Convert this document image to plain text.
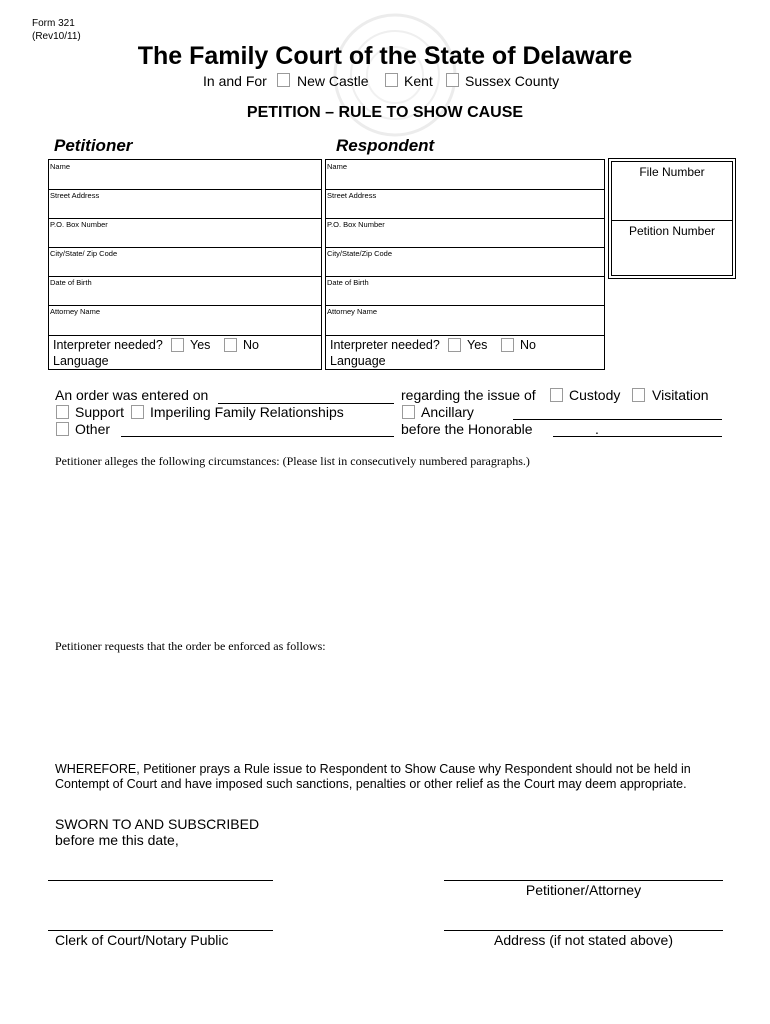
Form 321
(Rev10/11)
The Family Court of the State of Delaware
In and For New Castle	Kent Sussex County
PETITION – RULE TO SHOW CAUSE
Petitioner	Respondent
Name
Street Address
P.O. Box Number
City/State/ Zip Code
Date of Birth
Attorney Name
Interpreter needed? Yes	No
Language
Name
Street Address
P.O. Box Number
City/State/Zip Code
Date of Birth
Attorney Name
Interpreter needed? Yes	No
Language
File Number
Petition Number
An order was entered on	regarding the issue of Custody Visitation
Support Imperiling Family Relationships	Ancillary
Other	before the Honorable	.
Petitioner alleges the following circumstances: (Please list in consecutively numbered paragraphs.)
Petitioner requests that the order be enforced as follows:
WHEREFORE, Petitioner prays a Rule issue to Respondent to Show Cause why Respondent should not be held in
Contempt of Court and have imposed such sanctions, penalties or other relief as the Court may deem appropriate.
SWORN TO AND SUBSCRIBED
before me this date,
Petitioner/Attorney
Clerk of Court/Notary Public	Address (if not stated above)
